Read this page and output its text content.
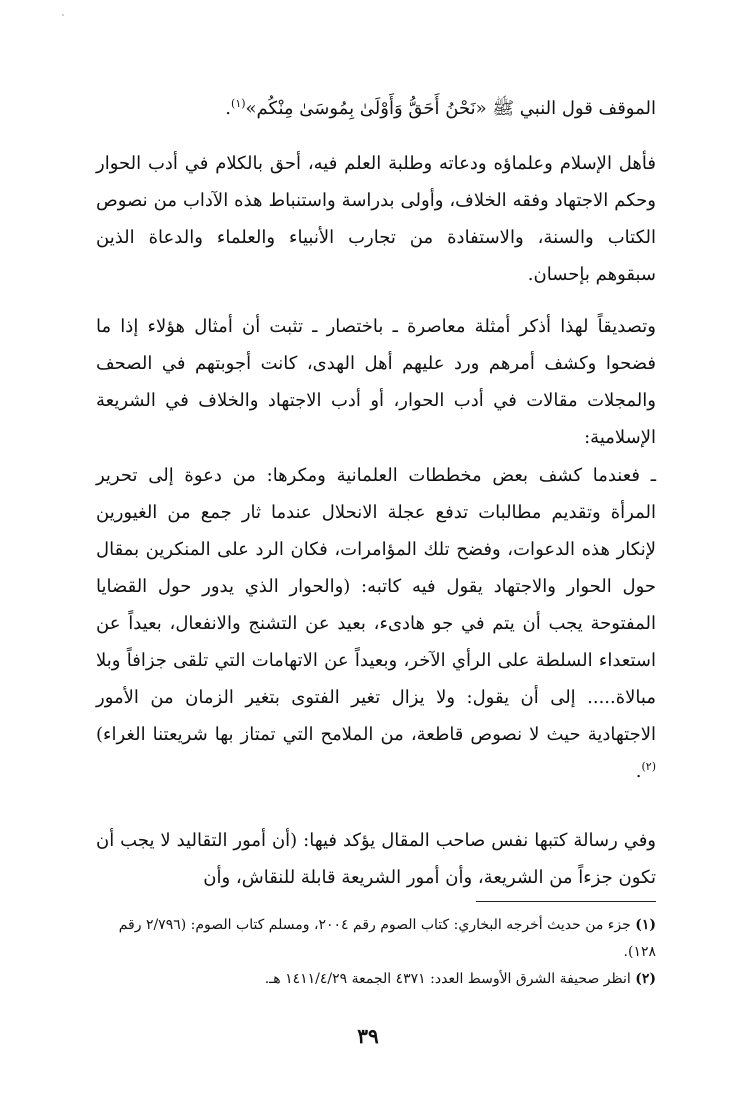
الموقف قول النبي ﷺ «نَحْنُ أَحَقُّ وَأَوْلَىٰ بِمُوسَىٰ مِنْكُم»$^{(١)}$.

فأهل الإسلام وعلماؤه ودعاته وطلبة العلم فيه، أحق بالكلام في أدب الحوار وحكم الاجتهاد وفقه الخلاف، وأولى بدراسة واستنباط هذه الآداب من نصوص الكتاب والسنة، والاستفادة من تجارب الأنبياء والعلماء والدعاة الذين سبقوهم بإحسان.

وتصديقاً لهذا أذكر أمثلة معاصرة ـ باختصار ـ تثبت أن أمثال هؤلاء إذا ما فضحوا وكشف أمرهم ورد عليهم أهل الهدى، كانت أجوبتهم في الصحف والمجلات مقالات في أدب الحوار، أو أدب الاجتهاد والخلاف في الشريعة الإسلامية:

ـ فعندما كشف بعض مخططات العلمانية ومكرها: من دعوة إلى تحرير المرأة وتقديم مطالبات تدفع عجلة الانحلال عندما ثار جمع من الغيورين لإنكار هذه الدعوات، وفضح تلك المؤامرات، فكان الرد على المنكرين بمقال حول الحوار والاجتهاد يقول فيه كاتبه: (والحوار الذي يدور حول القضايا المفتوحة يجب أن يتم في جو هادىء، بعيد عن التشنج والانفعال، بعيداً عن استعداء السلطة على الرأي الآخر، وبعيداً عن الاتهامات التي تلقى جزافاً وبلا مبالاة..... إلى أن يقول: ولا يزال تغير الفتوى بتغير الزمان من الأمور الاجتهادية حيث لا نصوص قاطعة، من الملامح التي تمتاز بها شريعتنا الغراء)$^{(٢)}$.

وفي رسالة كتبها نفس صاحب المقال يؤكد فيها: (أن أمور التقاليد لا يجب أن تكون جزءاً من الشريعة، وأن أمور الشريعة قابلة للنقاش، وأن

(١) جزء من حديث أخرجه البخاري: كتاب الصوم رقم ٢٠٠٤، ومسلم كتاب الصوم: (٢/٧٩٦ رقم ١٢٨).

(٢) انظر صحيفة الشرق الأوسط العدد: ٤٣٧١ الجمعة ١٤١١/٤/٢٩ هـ.

٣٩
